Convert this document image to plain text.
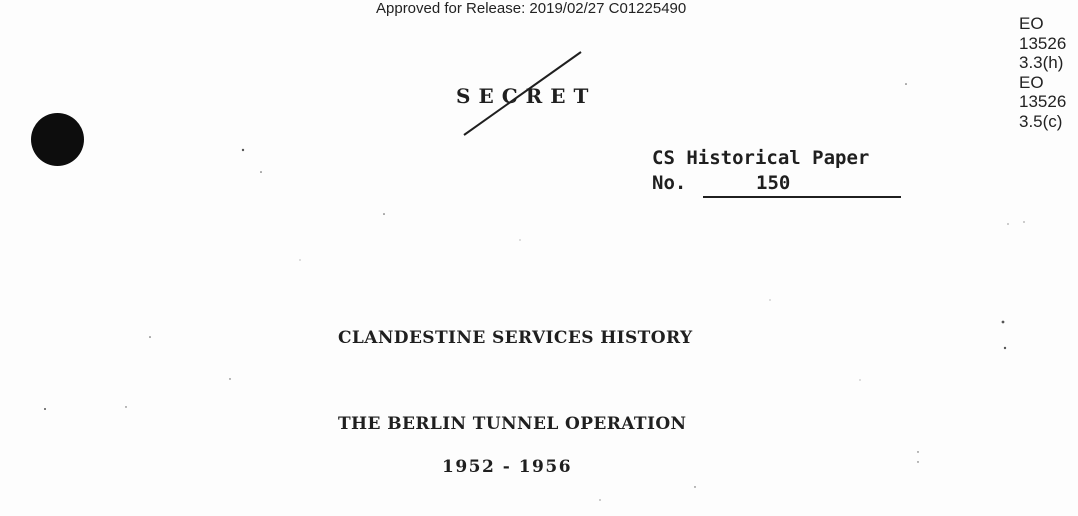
Approved for Release: 2019/02/27 C01225490
EO
13526
3.3(h)
EO
13526
3.5(c)
SECRET
CS Historical Paper
No.	150
CLANDESTINE SERVICES HISTORY
THE BERLIN TUNNEL OPERATION
1952 - 1956
